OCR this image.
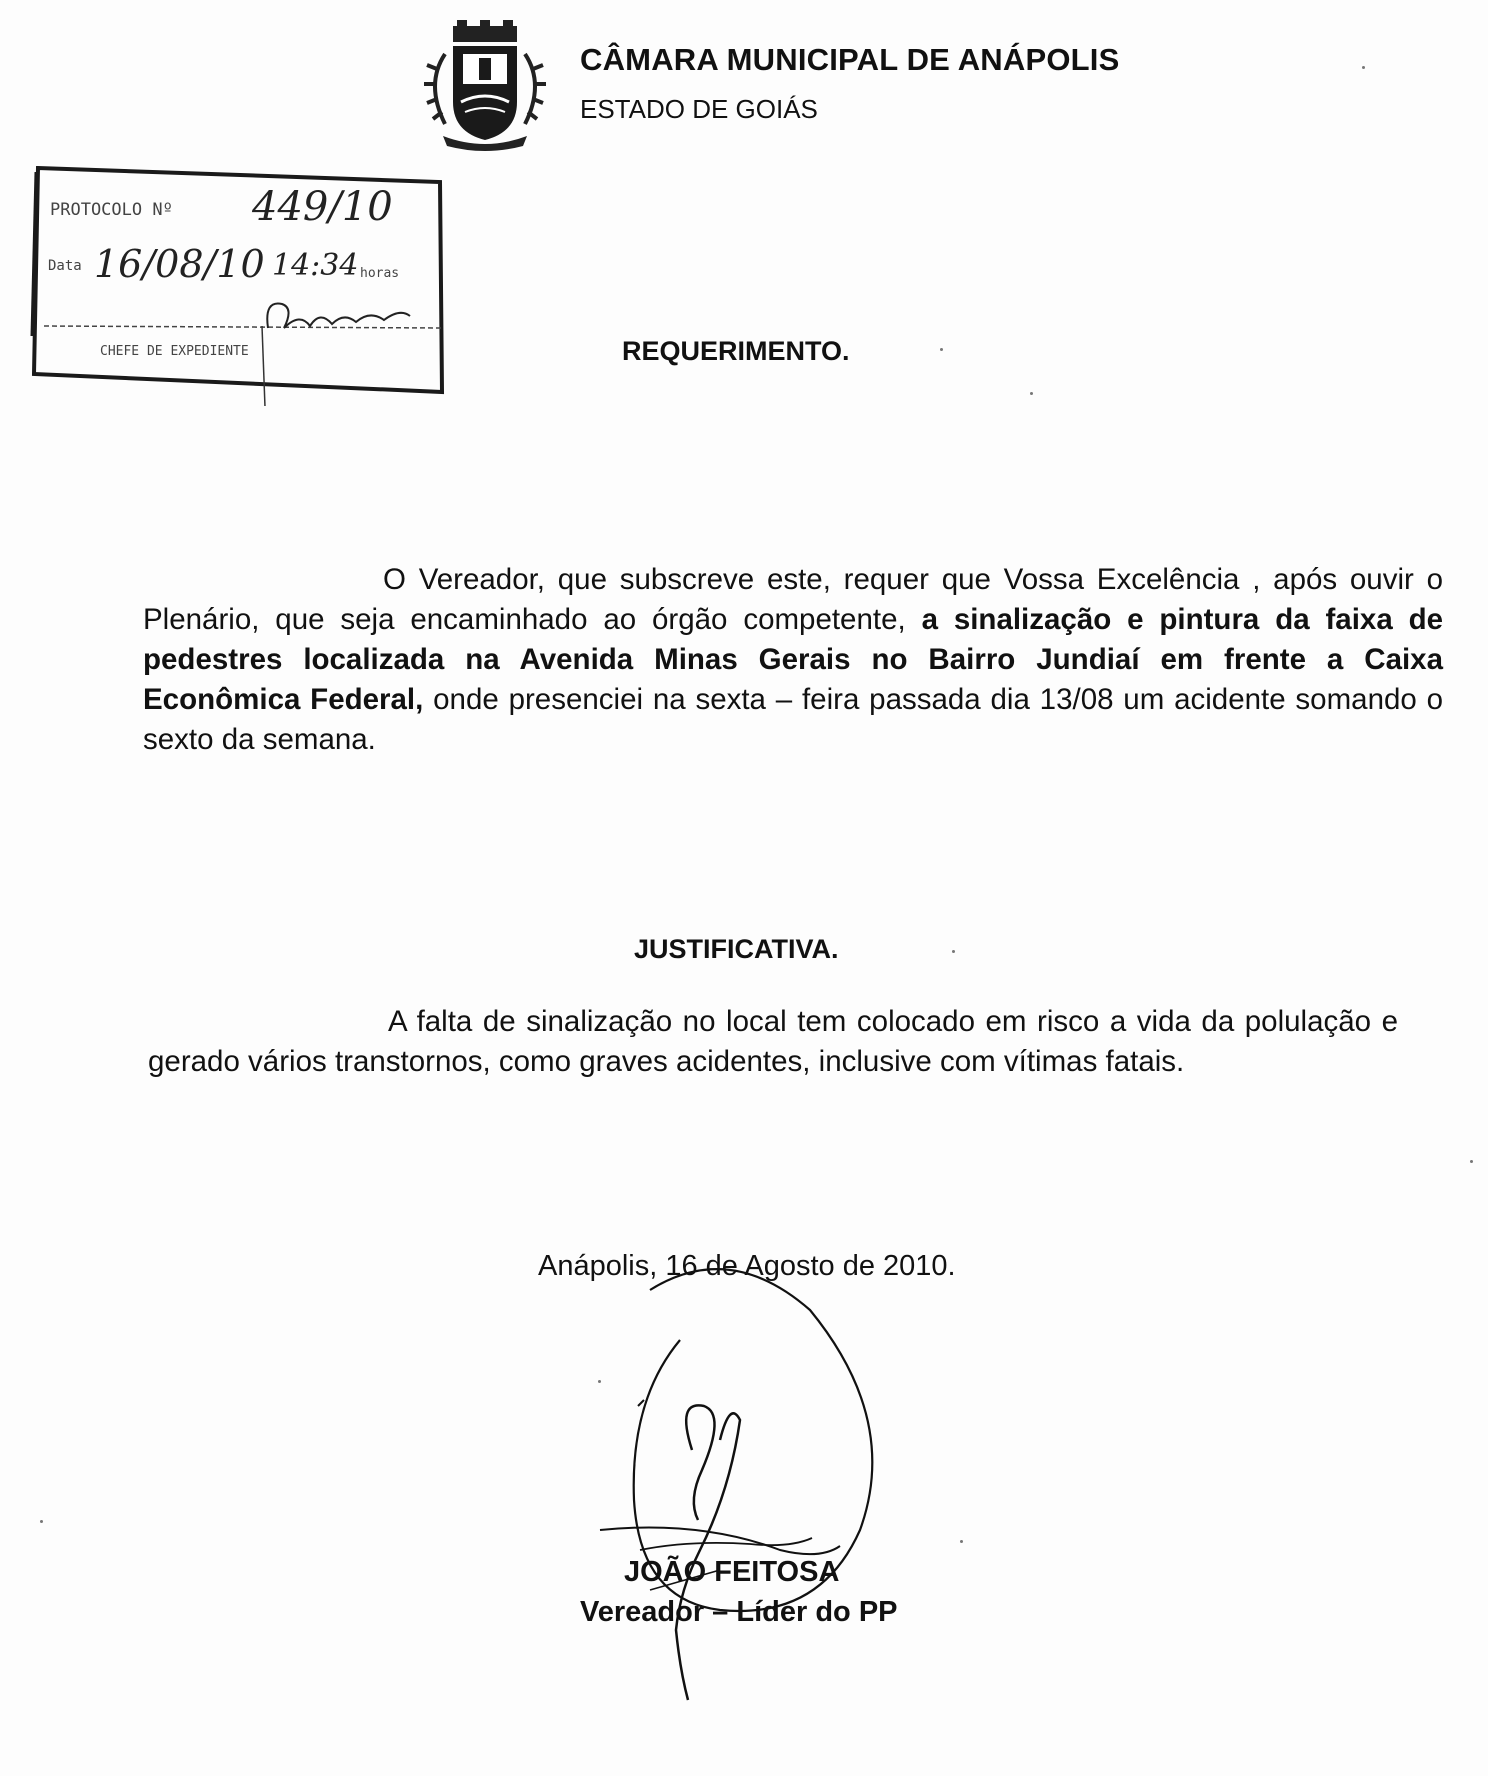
CÂMARA MUNICIPAL DE ANÁPOLIS
ESTADO DE GOIÁS
PROTOCOLO Nº 449/10
Data 16/08/10 14:34 horas
CHEFE DE EXPEDIENTE	REQUERIMENTO.
O Vereador, que subscreve este, requer que Vossa Excelência , após ouvir o Plenário, que seja encaminhado ao órgão competente, a sinalização e pintura da faixa de pedestres localizada na Avenida Minas Gerais no Bairro Jundiaí em frente a Caixa Econômica Federal, onde presenciei na sexta – feira passada dia 13/08 um acidente somando o sexto da semana.
JUSTIFICATIVA.
A falta de sinalização no local tem colocado em risco a vida da polulação e gerado vários transtornos, como graves acidentes, inclusive com vítimas fatais.
Anápolis, 16 de Agosto de 2010.
JOÃO FEITOSA
Vereador – Líder do PP
